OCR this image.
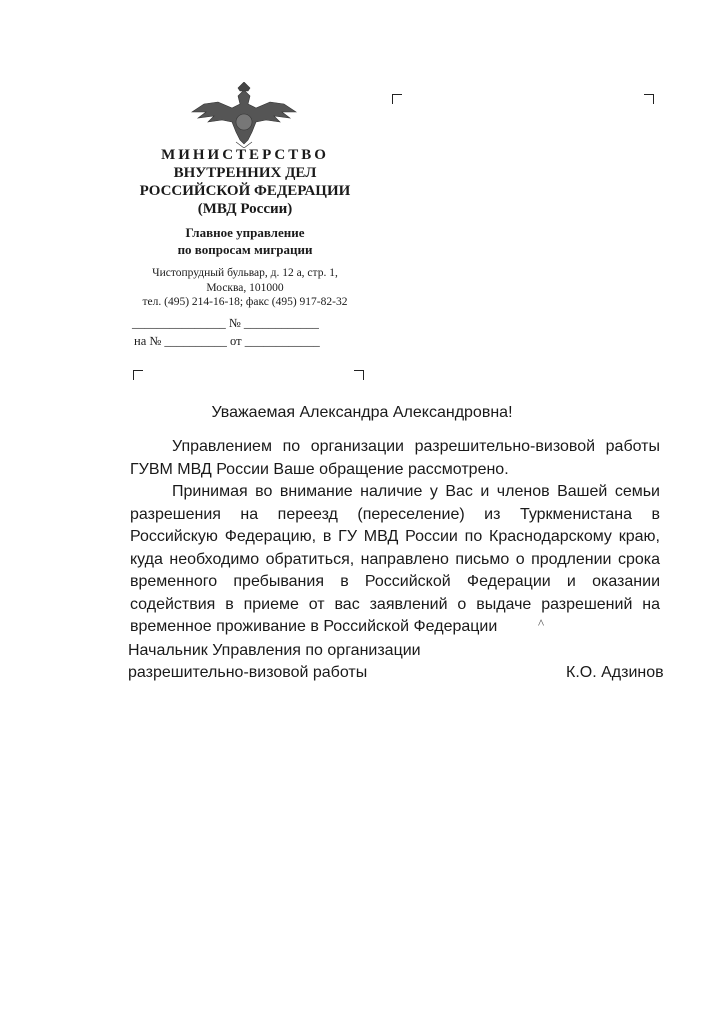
МИНИСТЕРСТВО
ВНУТРЕННИХ ДЕЛ
РОССИЙСКОЙ ФЕДЕРАЦИИ
(МВД России)
Главное управление
по вопросам миграции
Чистопрудный бульвар, д. 12 а, стр. 1,
Москва, 101000
тел. (495) 214-16-18; факс (495) 917-82-32
_______________ № ____________
на № __________ от ____________
Уважаемая Александра Александровна!
Управлением по организации разрешительно-визовой работы ГУВМ МВД России Ваше обращение рассмотрено.
Принимая во внимание наличие у Вас и членов Вашей семьи разрешения на переезд (переселение) из Туркменистана в Российскую Федерацию, в ГУ МВД России по Краснодарскому краю, куда необходимо обратиться, направлено письмо о продлении срока временного пребывания в Российской Федерации и оказании содействия в приеме от вас заявлений о выдаче разрешений на временное проживание в Российской Федерации	^
Начальник Управления по организации
разрешительно-визовой работы	К.О. Адзинов
